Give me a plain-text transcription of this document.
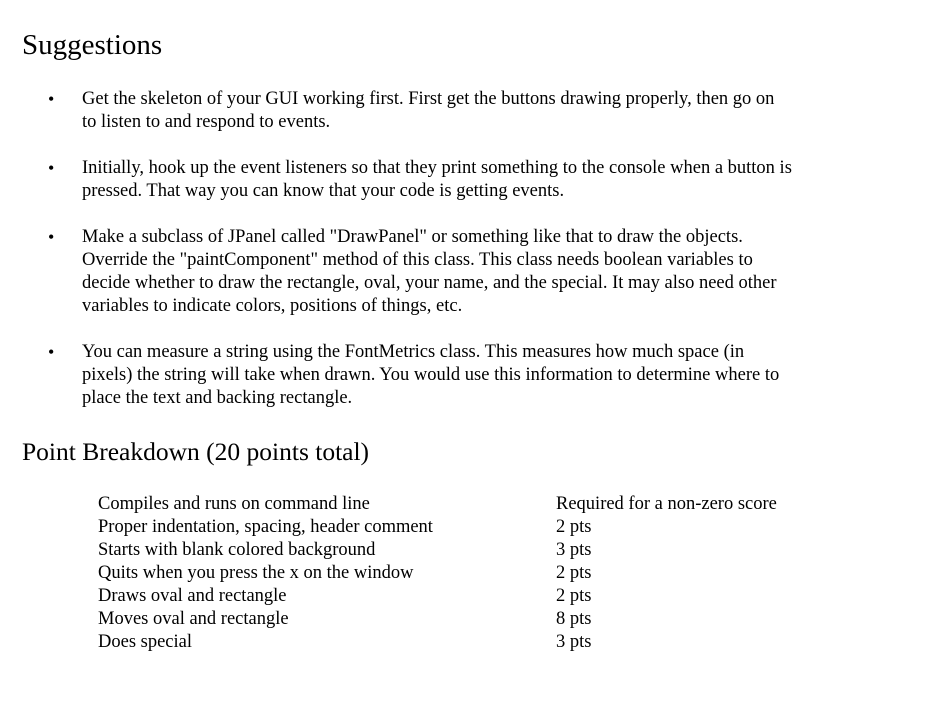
Suggestions
• Get the skeleton of your GUI working first. First get the buttons drawing properly, then go on
to listen to and respond to events.
• Initially, hook up the event listeners so that they print something to the console when a button is
pressed. That way you can know that your code is getting events.
• Make a subclass of JPanel called "DrawPanel" or something like that to draw the objects.
Override the "paintComponent" method of this class. This class needs boolean variables to
decide whether to draw the rectangle, oval, your name, and the special. It may also need other
variables to indicate colors, positions of things, etc.
• You can measure a string using the FontMetrics class. This measures how much space (in
pixels) the string will take when drawn. You would use this information to determine where to
place the text and backing rectangle.
Point Breakdown (20 points total)
Compiles and runs on command line	Required for a non-zero score
Proper indentation, spacing, header comment	2 pts
Starts with blank colored background	3 pts
Quits when you press the x on the window	2 pts
Draws oval and rectangle	2 pts
Moves oval and rectangle	8 pts
Does special	3 pts
